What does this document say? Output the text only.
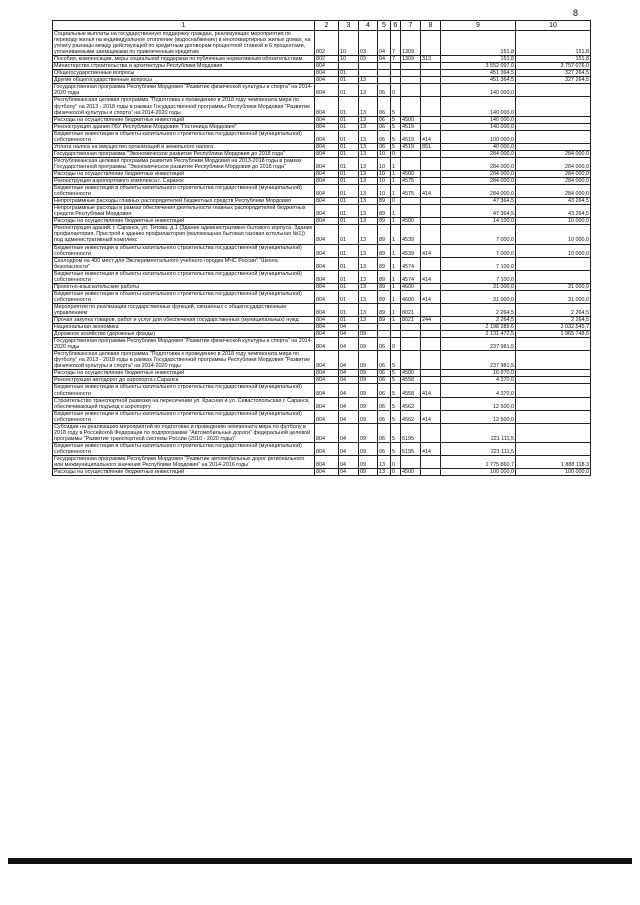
8
1	2	3	4	5	6	7	8	9	10
Социальные выплаты на государственную поддержку граждан, реализующих мероприятия по переводу жилья на индивидуальное отопление (водоснабжение) в многоквартирных жилых домах, на уплату разницы между действующей по кредитным договорам процентной ставкой и 6 процентами, уплачиваемыми заемщиками по привлеченным кредитам	802	10	03	04	7	1309		151,8	151,8
Пособия, компенсации, меры социальной поддержки по публичным нормативным обязательствам	802	10	03	04	7	1309	313	151,8	151,8
Министерство строительства и архитектуры Республики Мордовия	804							3 552 097,0	3 757 076,0
Общегосударственные вопросы	804	01						451 364,5	327 264,5
Другие общегосударственные вопросы	804	01	13					451 364,5	327 264,5
Государственная программа Республики Мордовия "Развитие физической культуры и спорта" на 2014-2020 годы	804	01	13	06	0			140 000,0	
Республиканская целевая программа "Подготовка к проведению в 2018 году чемпионата мира по футболу" на 2013 - 2018 годы в рамках Государственной программы Республики Мордовия "Развитие физической культуры и спорта" на 2014-2020 годы	804	01	13	06	5			140 000,0	
Расходы на осуществление бюджетных инвестиций	804	01	13	06	5	4500		140 000,0	
Реконструкция здания ГБУ Республики Мордовия "Гостиница Мордовия"	804	01	13	06	5	4519		140 000,0	
Бюджетные инвестиции в объекты капитального строительства государственной (муниципальной) собственности	804	01	13	06	5	4519	414	100 000,0	
Уплата налога на имущество организаций и земельного налога	804	01	13	06	5	4519	851	40 000,0	
Государственная программа "Экономическое развитие Республики Мордовия до 2018 года"	804	01	13	10	0			284 000,0	284 000,0
Республиканская целевая программа развития Республики Мордовия на 2013-2018 годы в рамках Государственной программы "Экономическое развитие Республики Мордовия до 2018 года"	804	01	13	10	1			284 000,0	284 000,0
Расходы на осуществление бюджетных инвестиций	804	01	13	10	1	4500		284 000,0	284 000,0
Реконструкция аэропортового комплекса г. Саранск	804	01	13	10	1	4575		284 000,0	284 000,0
Бюджетные инвестиции в объекты капитального строительства государственной (муниципальной) собственности	804	01	13	10	1	4575	414	284 000,0	284 000,0
Непрограммные расходы главных распорядителей бюджетных средств Республики Мордовия	804	01	13	89	0			47 364,5	43 264,5
Непрограммные расходы в рамках обеспечения деятельности главных распорядителей бюджетных средств Республики Мордовия	804	01	13	89	1			47 364,5	43 264,5
Расходы на осуществление бюджетных инвестиций	804	01	13	89	1	4500		14 100,0	10 000,0
Реконструкция зданий, г. Саранск, ул. Титова, д.1 (Здание административно-бытового корпуса. Здание профилактория. Пристрой к зданию профилактория (маломощная бытовая газовая котельная №1)) под административный комплекс	804	01	13	89	1	4539		7 000,0	10 000,0
Бюджетные инвестиции в объекты капитального строительства государственной (муниципальной) собственности	804	01	13	89	1	4539	414	7 000,0	10 000,0
Скалодром на 400 мест для Экспериментального учебного городка МЧС России" "Школа безопасности"	804	01	13	89	1	4574		7 100,0	
Бюджетные инвестиции в объекты капитального строительства государственной (муниципальной) собственности	804	01	13	89	1	4574	414	7 100,0	
Проектно-изыскательские работы	804	01	13	89	1	4600		31 000,0	31 000,0
Бюджетные инвестиции в объекты капитального строительства государственной (муниципальной) собственности	804	01	13	89	1	4600	414	31 000,0	31 000,0
Мероприятия по реализации государственных функций, связанных с общегосударственным управлением	804	01	13	89	1	8021		2 264,5	2 264,5
Прочая закупка товаров, работ и услуг для обеспечения государственных (муниципальных) нужд	804	01	13	89	1	8021	244	2 264,5	2 264,5
Национальная экономика	804	04						2 198 289,6	2 032 545,7
Дорожное хозяйство (дорожные фонды)	804	04	09					2 131 472,5	1 965 748,6
Государственная программа Республики Мордовия "Развитие физической культуры и спорта" на 2014-2020 годы	804	04	09	06	0			237 981,5	
Республиканская целевая программа "Подготовка к проведению в 2018 году чемпионата мира по футболу" на 2013 - 2018 годы в рамках Государственной программы Республики Мордовия "Развитие физической культуры и спорта" на 2014-2020 годы	804	04	09	06	5			237 981,5	
Расходы на осуществление бюджетных инвестиций	804	04	09	06	5	4500		16 870,0	
Реконструкция автодорог до аэропорта г.Саранск	804	04	09	06	5	4558		4 370,0	
Бюджетные инвестиции в объекты капитального строительства государственной (муниципальной) собственности	804	04	09	06	5	4558	414	4 370,0	
Строительство транспортной развязки на пересечении ул. Красная и ул. Севастопольская г. Саранск, обеспечивающей подъезд к аэропорту	804	04	09	06	5	4562		12 500,0	
Бюджетные инвестиции в объекты капитального строительства государственной (муниципальной) собственности	804	04	09	06	5	4562	414	12 500,0	
Субсидии на реализацию мероприятий по подготовке и проведению чемпионата мира по футболу в 2018 году в Российской Федерации по подпрограмме "Автомобильные дороги" федеральной целевой программы "Развитие транспортной системы России (2010 - 2020 годы)"	804	04	09	06	5	5195		221 111,5	
Бюджетные инвестиции в объекты капитального строительства государственной (муниципальной) собственности	804	04	09	06	5	5195	414	221 111,5	
Государственная программа Республики Мордовия "Развитие автомобильных дорог регионального или межмуниципального значения Республики Мордовия" на 2014-2016 годы	804	04	09	13	0			1 775 860,7	1 888 118,3
Расходы на осуществление бюджетных инвестиций	804	04	09	13	0	4500		100 000,0	100 000,0
